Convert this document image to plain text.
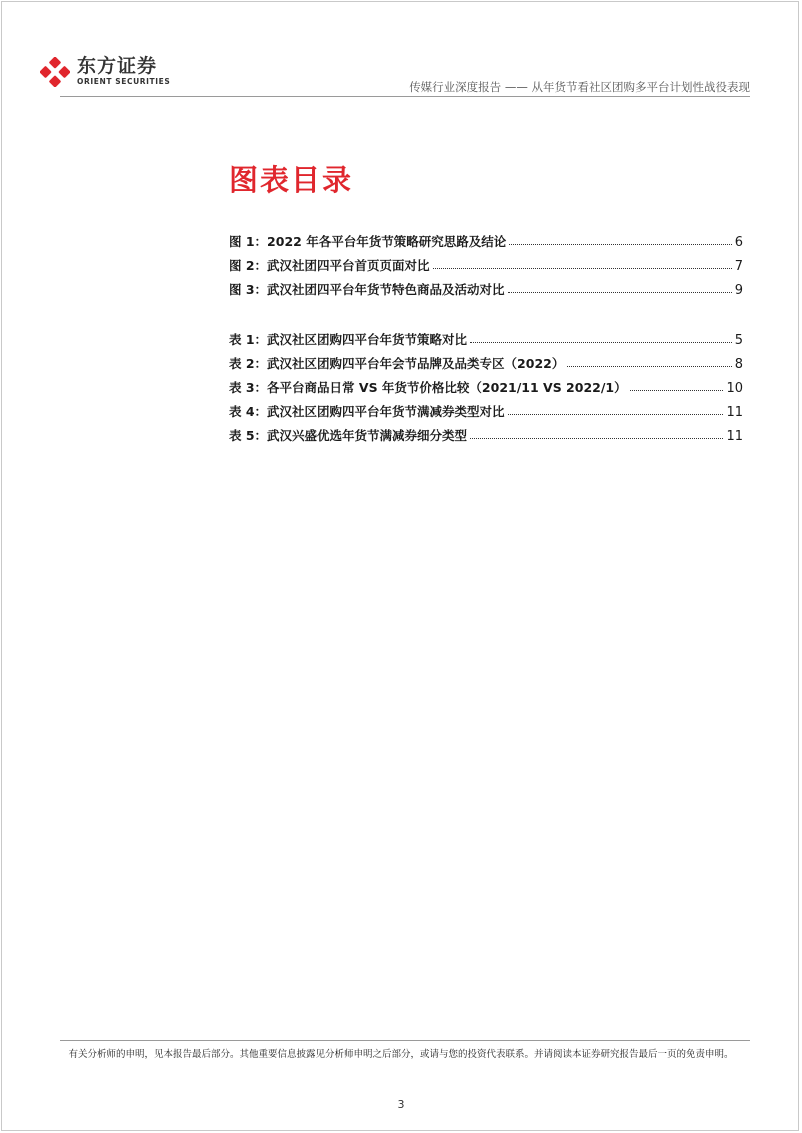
东方证券
ORIENT SECURITIES	传媒行业深度报告 —— 从年货节看社区团购多平台计划性战役表现
图表目录
图 1：2022 年各平台年货节策略研究思路及结论	6
图 2：武汉社团四平台首页页面对比	7
图 3：武汉社团四平台年货节特色商品及活动对比	9
表 1：武汉社区团购四平台年货节策略对比	5
表 2：武汉社区团购四平台年会节品牌及品类专区（2022）	8
表 3：各平台商品日常 VS 年货节价格比较（2021/11 VS 2022/1）	10
表 4：武汉社区团购四平台年货节满减券类型对比	11
表 5：武汉兴盛优选年货节满减券细分类型	11
有关分析师的申明，见本报告最后部分。其他重要信息披露见分析师申明之后部分，或请与您的投资代表联系。并请阅读本证券研究报告最后一页的免责申明。
3
